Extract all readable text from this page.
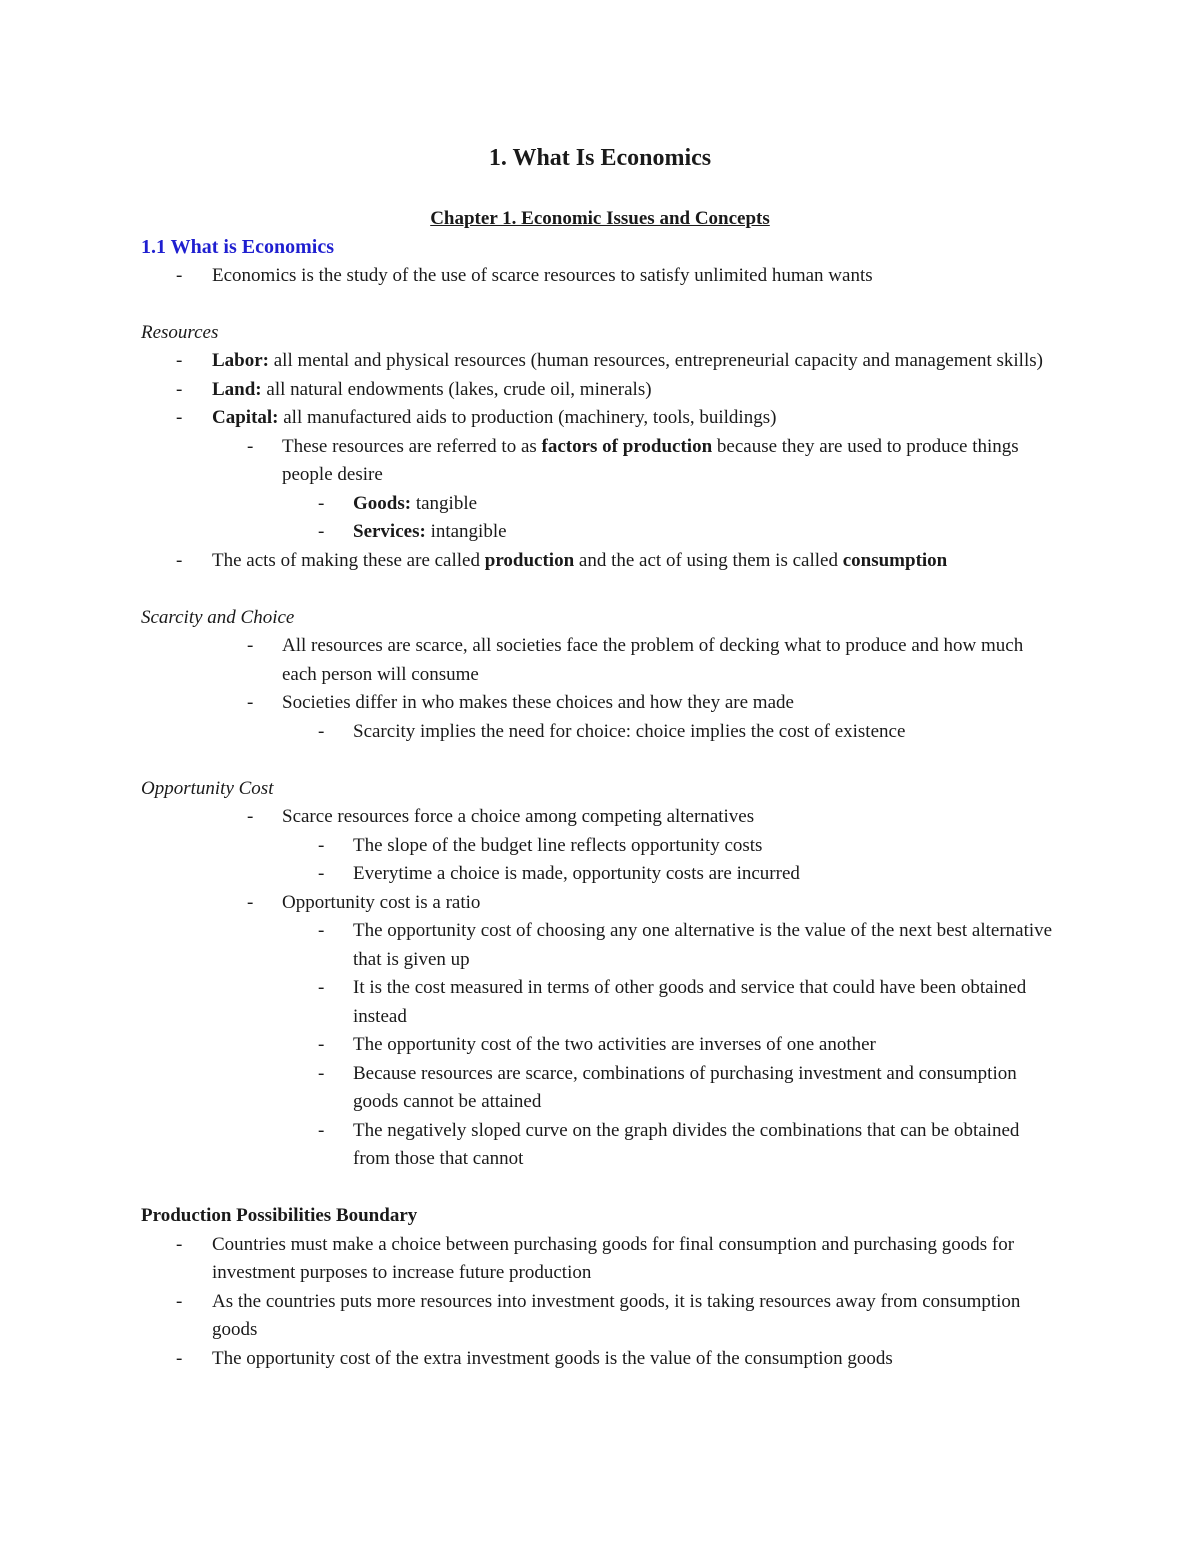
1. What Is Economics
Chapter 1. Economic Issues and Concepts
1.1 What is Economics
- Economics is the study of the use of scarce resources to satisfy unlimited human wants
Resources
- Labor: all mental and physical resources (human resources, entrepreneurial capacity and management skills)
- Land: all natural endowments (lakes, crude oil, minerals)
- Capital: all manufactured aids to production (machinery, tools, buildings)
- These resources are referred to as factors of production because they are used to produce things people desire
- Goods: tangible
- Services: intangible
- The acts of making these are called production and the act of using them is called consumption
Scarcity and Choice
- All resources are scarce, all societies face the problem of decking what to produce and how much each person will consume
- Societies differ in who makes these choices and how they are made
- Scarcity implies the need for choice: choice implies the cost of existence
Opportunity Cost
- Scarce resources force a choice among competing alternatives
- The slope of the budget line reflects opportunity costs
- Everytime a choice is made, opportunity costs are incurred
- Opportunity cost is a ratio
- The opportunity cost of choosing any one alternative is the value of the next best alternative that is given up
- It is the cost measured in terms of other goods and service that could have been obtained instead
- The opportunity cost of the two activities are inverses of one another
- Because resources are scarce, combinations of purchasing investment and consumption goods cannot be attained
- The negatively sloped curve on the graph divides the combinations that can be obtained from those that cannot
Production Possibilities Boundary
- Countries must make a choice between purchasing goods for final consumption and purchasing goods for investment purposes to increase future production
- As the countries puts more resources into investment goods, it is taking resources away from consumption goods
- The opportunity cost of the extra investment goods is the value of the consumption goods
